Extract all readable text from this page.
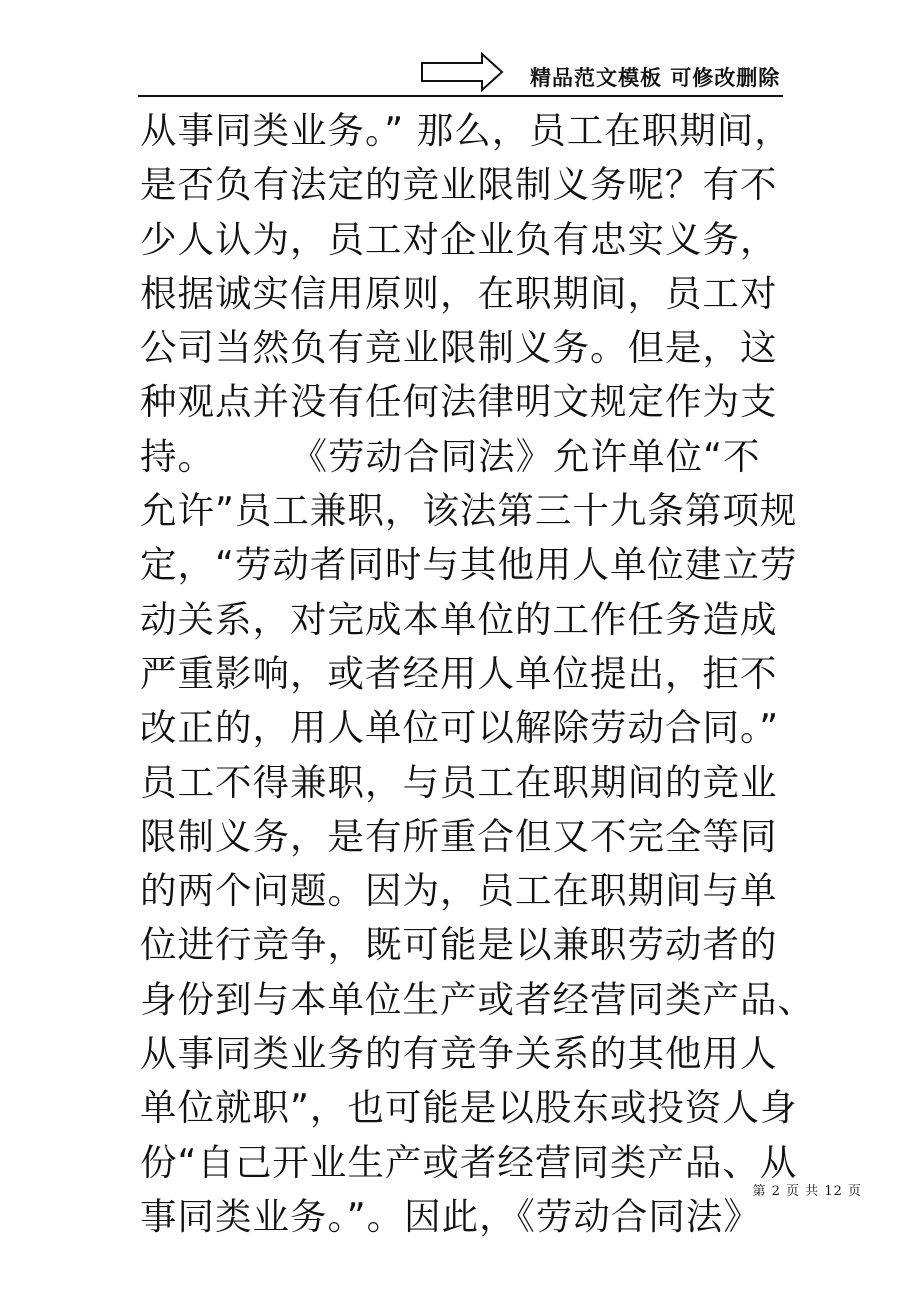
精品范文模板 可修改删除
从事同类业务。” 那么，员工在职期间，
是否负有法定的竞业限制义务呢？有不
少人认为，员工对企业负有忠实义务，
根据诚实信用原则，在职期间，员工对
公司当然负有竞业限制义务。但是，这
种观点并没有任何法律明文规定作为支
持。      《劳动合同法》允许单位“不
允许”员工兼职，该法第三十九条第项规
定，“劳动者同时与其他用人单位建立劳
动关系，对完成本单位的工作任务造成
严重影响，或者经用人单位提出，拒不
改正的，用人单位可以解除劳动合同。”
员工不得兼职，与员工在职期间的竞业
限制义务，是有所重合但又不完全等同
的两个问题。因为，员工在职期间与单
位进行竞争，既可能是以兼职劳动者的
身份到与本单位生产或者经营同类产品、
从事同类业务的有竞争关系的其他用人
单位就职”，也可能是以股东或投资人身
份“自己开业生产或者经营同类产品、从
事同类业务。”。因此，《劳动合同法》
第 2 页 共 12 页
